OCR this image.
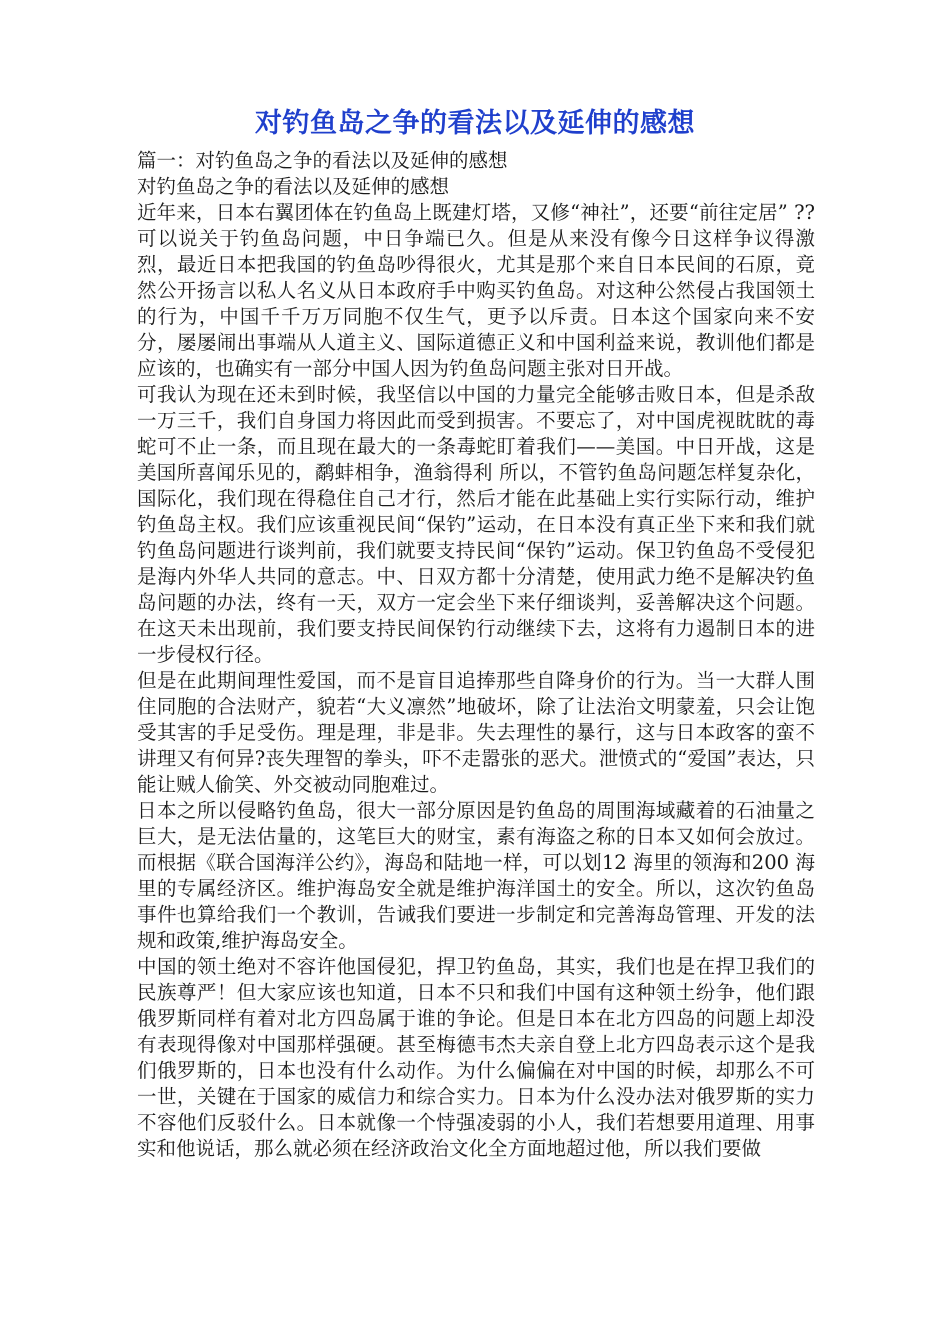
对钓鱼岛之争的看法以及延伸的感想

篇一：对钓鱼岛之争的看法以及延伸的感想

对钓鱼岛之争的看法以及延伸的感想

近年来，日本右翼团体在钓鱼岛上既建灯塔，又修“神社”，还要“前往定居” ??可以说关于钓鱼岛问题，中日争端已久。但是从来没有像今日这样争议得激烈，最近日本把我国的钓鱼岛吵得很火，尤其是那个来自日本民间的石原，竟然公开扬言以私人名义从日本政府手中购买钓鱼岛。对这种公然侵占我国领土的行为，中国千千万万同胞不仅生气，更予以斥责。日本这个国家向来不安分，屡屡闹出事端从人道主义、国际道德正义和中国利益来说，教训他们都是应该的，也确实有一部分中国人因为钓鱼岛问题主张对日开战。

可我认为现在还未到时候，我坚信以中国的力量完全能够击败日本，但是杀敌一万三千，我们自身国力将因此而受到损害。不要忘了，对中国虎视眈眈的毒蛇可不止一条，而且现在最大的一条毒蛇盯着我们——美国。中日开战，这是美国所喜闻乐见的，鹬蚌相争，渔翁得利 所以，不管钓鱼岛问题怎样复杂化，国际化，我们现在得稳住自己才行，然后才能在此基础上实行实际行动，维护钓鱼岛主权。我们应该重视民间“保钓”运动，在日本没有真正坐下来和我们就钓鱼岛问题进行谈判前，我们就要支持民间“保钓”运动。保卫钓鱼岛不受侵犯是海内外华人共同的意志。中、日双方都十分清楚，使用武力绝不是解决钓鱼岛问题的办法，终有一天，双方一定会坐下来仔细谈判，妥善解决这个问题。在这天未出现前，我们要支持民间保钓行动继续下去，这将有力遏制日本的进一步侵权行径。

但是在此期间理性爱国，而不是盲目追捧那些自降身价的行为。当一大群人围住同胞的合法财产，貌若“大义凛然”地破坏，除了让法治文明蒙羞，只会让饱受其害的手足受伤。理是理，非是非。失去理性的暴行，这与日本政客的蛮不讲理又有何异?丧失理智的拳头，吓不走嚣张的恶犬。泄愤式的“爱国”表达，只能让贼人偷笑、外交被动同胞难过。

日本之所以侵略钓鱼岛，很大一部分原因是钓鱼岛的周围海域藏着的石油量之巨大，是无法估量的，这笔巨大的财宝，素有海盗之称的日本又如何会放过。而根据《联合国海洋公约》，海岛和陆地一样，可以划12 海里的领海和200 海里的专属经济区。维护海岛安全就是维护海洋国土的安全。所以，这次钓鱼岛事件也算给我们一个教训，告诫我们要进一步制定和完善海岛管理、开发的法规和政策,维护海岛安全。

中国的领土绝对不容许他国侵犯，捍卫钓鱼岛，其实，我们也是在捍卫我们的民族尊严！但大家应该也知道，日本不只和我们中国有这种领土纷争，他们跟俄罗斯同样有着对北方四岛属于谁的争论。但是日本在北方四岛的问题上却没有表现得像对中国那样强硬。甚至梅德韦杰夫亲自登上北方四岛表示这个是我们俄罗斯的，日本也没有什么动作。为什么偏偏在对中国的时候，却那么不可一世，关键在于国家的威信力和综合实力。日本为什么没办法对俄罗斯的实力不容他们反驳什么。日本就像一个恃强凌弱的小人，我们若想要用道理、用事实和他说话，那么就必须在经济政治文化全方面地超过他，所以我们要做
